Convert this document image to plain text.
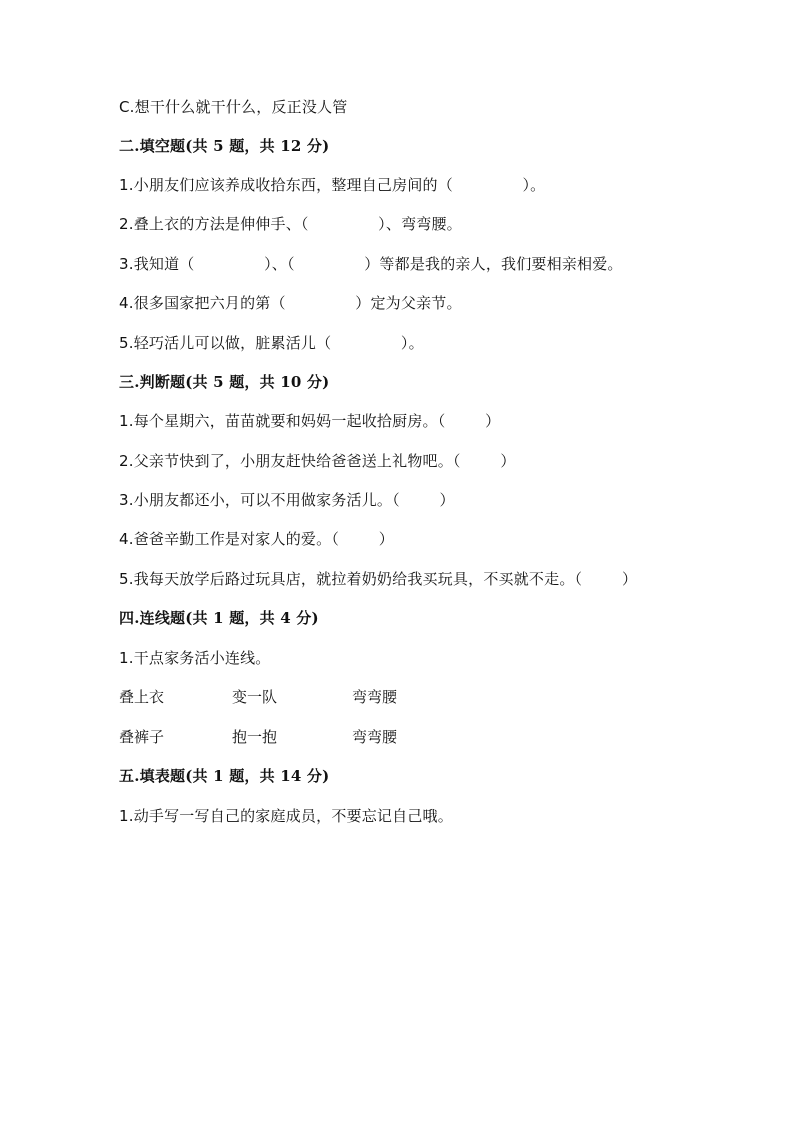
C.想干什么就干什么，反正没人管
二.填空题(共 5 题，共 12 分)
1.小朋友们应该养成收拾东西，整理自己房间的（              ）。
2.叠上衣的方法是伸伸手、（              ）、弯弯腰。
3.我知道（              ）、（              ）等都是我的亲人，我们要相亲相爱。
4.很多国家把六月的第（              ）定为父亲节。
5.轻巧活儿可以做，脏累活儿（              ）。
三.判断题(共 5 题，共 10 分)
1.每个星期六，苗苗就要和妈妈一起收拾厨房。（        ）
2.父亲节快到了，小朋友赶快给爸爸送上礼物吧。（        ）
3.小朋友都还小，可以不用做家务活儿。（        ）
4.爸爸辛勤工作是对家人的爱。（        ）
5.我每天放学后路过玩具店，就拉着奶奶给我买玩具，不买就不走。（        ）
四.连线题(共 1 题，共 4 分)
1.干点家务活小连线。
叠上衣	变一队	弯弯腰
叠裤子	抱一抱	弯弯腰
五.填表题(共 1 题，共 14 分)
1.动手写一写自己的家庭成员，不要忘记自己哦。
